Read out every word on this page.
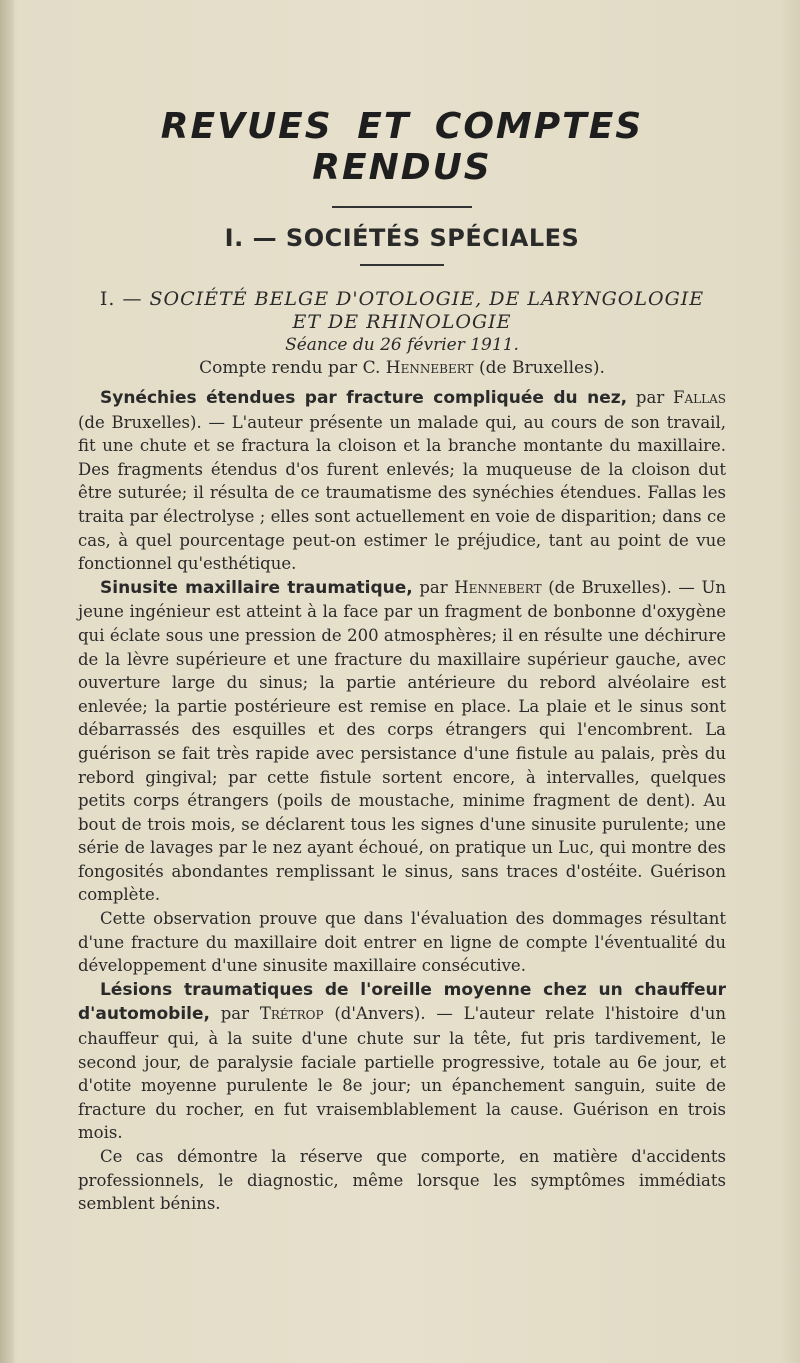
REVUES ET COMPTES RENDUS
I. — SOCIÉTÉS SPÉCIALES
I. — SOCIÉTÉ BELGE D'OTOLOGIE, DE LARYNGOLOGIE
ET DE RHINOLOGIE
Séance du 26 février 1911.
Compte rendu par C. Hennebert (de Bruxelles).

Synéchies étendues par fracture compliquée du nez, par Fallas (de Bruxelles). — L'auteur présente un malade qui, au cours de son travail, fit une chute et se fractura la cloison et la branche montante du maxillaire. Des fragments étendus d'os furent enlevés; la muqueuse de la cloison dut être suturée; il résulta de ce traumatisme des synéchies étendues. Fallas les traita par électrolyse ; elles sont actuellement en voie de disparition; dans ce cas, à quel pourcentage peut-on estimer le préjudice, tant au point de vue fonctionnel qu'esthétique.

Sinusite maxillaire traumatique, par Hennebert (de Bruxelles). — Un jeune ingénieur est atteint à la face par un fragment de bonbonne d'oxygène qui éclate sous une pression de 200 atmosphères; il en résulte une déchirure de la lèvre supérieure et une fracture du maxillaire supérieur gauche, avec ouverture large du sinus; la partie antérieure du rebord alvéolaire est enlevée; la partie postérieure est remise en place. La plaie et le sinus sont débarrassés des esquilles et des corps étrangers qui l'encombrent. La guérison se fait très rapide avec persistance d'une fistule au palais, près du rebord gingival; par cette fistule sortent encore, à intervalles, quelques petits corps étrangers (poils de moustache, minime fragment de dent). Au bout de trois mois, se déclarent tous les signes d'une sinusite purulente; une série de lavages par le nez ayant échoué, on pratique un Luc, qui montre des fongosités abondantes remplissant le sinus, sans traces d'ostéite. Guérison complète.

Cette observation prouve que dans l'évaluation des dommages résultant d'une fracture du maxillaire doit entrer en ligne de compte l'éventualité du développement d'une sinusite maxillaire consécutive.

Lésions traumatiques de l'oreille moyenne chez un chauffeur d'automobile, par Trétrop (d'Anvers). — L'auteur relate l'histoire d'un chauffeur qui, à la suite d'une chute sur la tête, fut pris tardivement, le second jour, de paralysie faciale partielle progressive, totale au 6e jour, et d'otite moyenne purulente le 8e jour; un épanchement sanguin, suite de fracture du rocher, en fut vraisemblablement la cause. Guérison en trois mois.

Ce cas démontre la réserve que comporte, en matière d'accidents professionnels, le diagnostic, même lorsque les symptômes immédiats semblent bénins.
